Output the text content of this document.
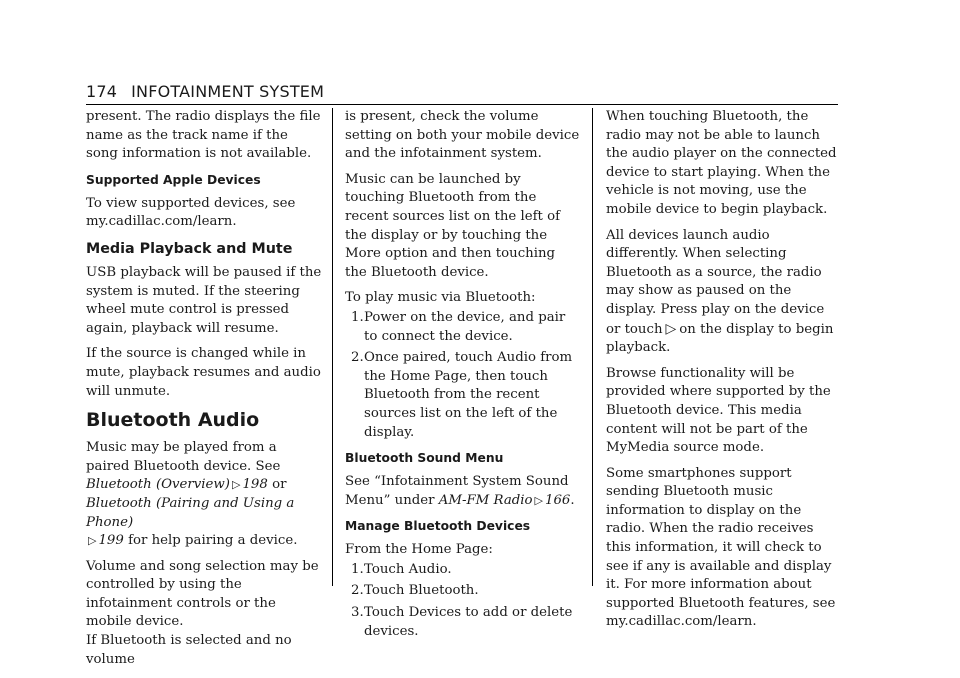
174 INFOTAINMENT SYSTEM

present. The radio displays the file name as the track name if the song information is not available.

Supported Apple Devices

To view supported devices, see my.cadillac.com/learn.

Media Playback and Mute

USB playback will be paused if the system is muted. If the steering wheel mute control is pressed again, playback will resume.

If the source is changed while in mute, playback resumes and audio will unmute.

Bluetooth Audio

Music may be played from a paired Bluetooth device. See Bluetooth (Overview) ▷ 198 or
Bluetooth (Pairing and Using a Phone)
▷ 199 for help pairing a device.

Volume and song selection may be controlled by using the infotainment controls or the mobile device.

If Bluetooth is selected and no volume

is present, check the volume setting on both your mobile device and the infotainment system.

Music can be launched by touching Bluetooth from the recent sources list on the left of the display or by touching the More option and then touching the Bluetooth device.

To play music via Bluetooth:

1. Power on the device, and pair to connect the device.
2. Once paired, touch Audio from the Home Page, then touch Bluetooth from the recent sources list on the left of the display.
Bluetooth Sound Menu

See “Infotainment System Sound Menu” under AM-FM Radio ▷ 166.

Manage Bluetooth Devices

From the Home Page:

1. Touch Audio.
2. Touch Bluetooth.
3. Touch Devices to add or delete devices.

When touching Bluetooth, the radio may not be able to launch the audio player on the connected device to start playing. When the vehicle is not moving, use the mobile device to begin playback.

All devices launch audio differently. When selecting Bluetooth as a source, the radio may show as paused on the display. Press play on the device or touch ▷ on the display to begin playback.

Browse functionality will be provided where supported by the Bluetooth device. This media content will not be part of the MyMedia source mode.

Some smartphones support sending Bluetooth music information to display on the radio. When the radio receives this information, it will check to see if any is available and display it. For more information about supported Bluetooth features, see my.cadillac.com/learn.
